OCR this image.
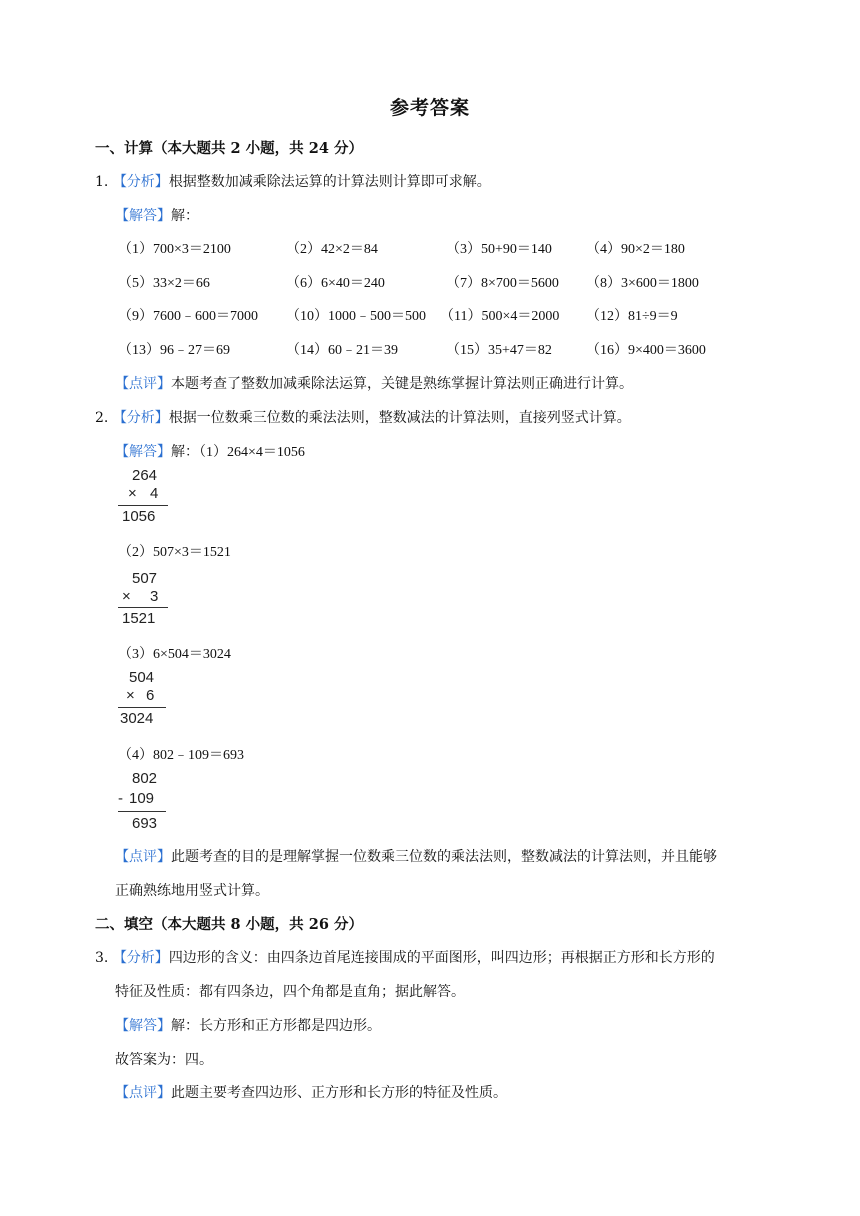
参考答案
一、计算（本大题共 2 小题，共 24 分）
1. 【分析】根据整数加减乘除法运算的计算法则计算即可求解。
【解答】解：
（1）700×3＝2100	（2）42×2＝84	（3）50+90＝140 （4）90×2＝180
（5）33×2＝66	（6）6×40＝240	（7）8×700＝5600 （8）3×600＝1800
（9）7600﹣600＝7000 （10）1000﹣500＝500 （11）500×4＝2000 （12）81÷9＝9
（13）96﹣27＝69	（14）60﹣21＝39	（15）35+47＝82 （16）9×400＝3600
【点评】本题考查了整数加减乘除法运算，关键是熟练掌握计算法则正确进行计算。
2. 【分析】根据一位数乘三位数的乘法法则，整数减法的计算法则，直接列竖式计算。
【解答】解：（1）264×4＝1056
264
× 4
1056
（2）507×3＝1521
507
× 3
1521
（3）6×504＝3024
504
× 6
3024
（4）802﹣109＝693
802
- 109
693
【点评】此题考查的目的是理解掌握一位数乘三位数的乘法法则，整数减法的计算法则，并且能够
正确熟练地用竖式计算。
二、填空（本大题共 8 小题，共 26 分）
3. 【分析】四边形的含义：由四条边首尾连接围成的平面图形，叫四边形；再根据正方形和长方形的
特征及性质：都有四条边，四个角都是直角；据此解答。
【解答】解：长方形和正方形都是四边形。
故答案为：四。
【点评】此题主要考查四边形、正方形和长方形的特征及性质。
